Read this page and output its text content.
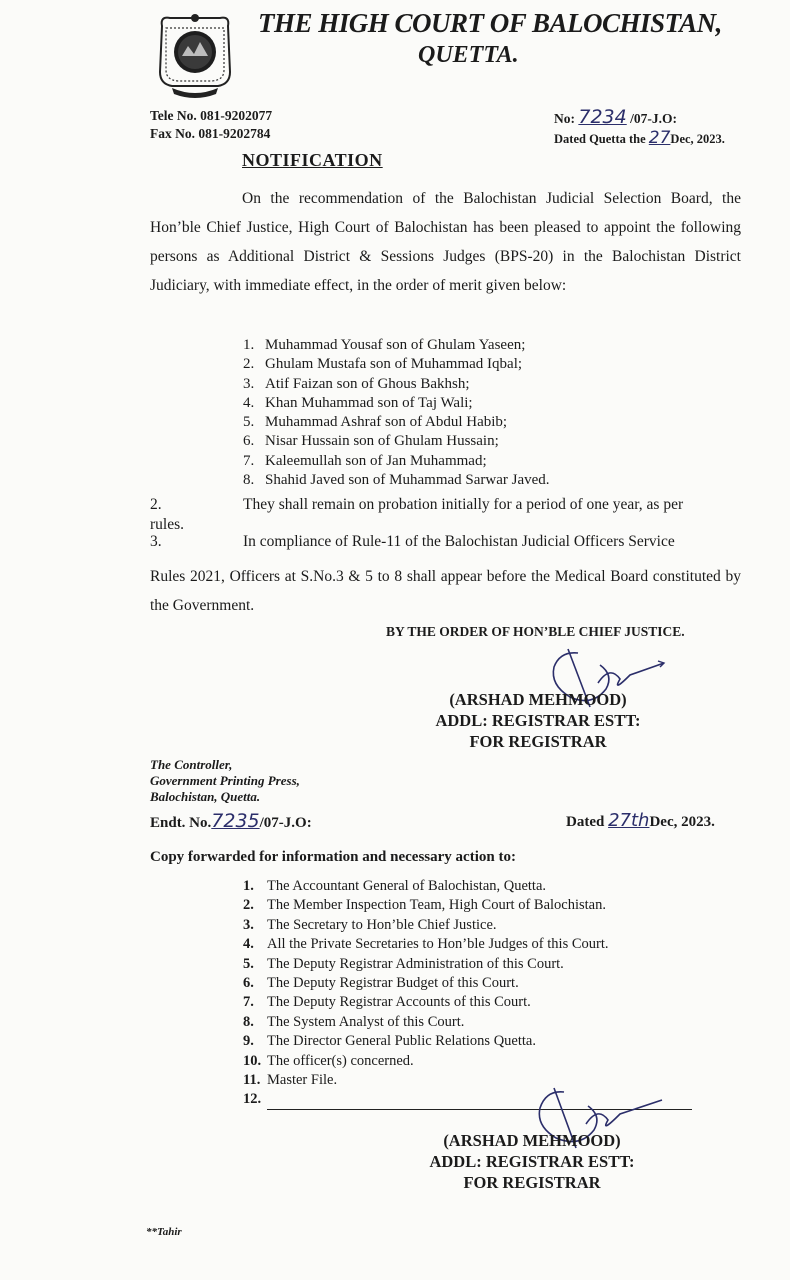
THE HIGH COURT OF BALOCHISTAN,
QUETTA.
Tele No. 081-9202077
Fax No. 081-9202784
No: 7234 /07-J.O:
Dated Quetta the 27Dec, 2023.
NOTIFICATION
On the recommendation of the Balochistan Judicial Selection Board, the Hon’ble Chief Justice, High Court of Balochistan has been pleased to appoint the following persons as Additional District & Sessions Judges (BPS-20) in the Balochistan District Judiciary, with immediate effect, in the order of merit given below:
1. Muhammad Yousaf son of Ghulam Yaseen;
2. Ghulam Mustafa son of Muhammad Iqbal;
3. Atif Faizan son of Ghous Bakhsh;
4. Khan Muhammad son of Taj Wali;
5. Muhammad Ashraf son of Abdul Habib;
6. Nisar Hussain son of Ghulam Hussain;
7. Kaleemullah son of Jan Muhammad;
8. Shahid Javed son of Muhammad Sarwar Javed.
2.	They shall remain on probation initially for a period of one year, as per
rules.
3.	In compliance of Rule-11 of the Balochistan Judicial Officers Service
Rules 2021, Officers at S.No.3 & 5 to 8 shall appear before the Medical Board constituted by the Government.
BY THE ORDER OF HON’BLE CHIEF JUSTICE.
(ARSHAD MEHMOOD)
ADDL: REGISTRAR ESTT:
FOR REGISTRAR
The Controller,
Government Printing Press,
Balochistan, Quetta.
Endt. No.7235/07-J.O:	Dated 27thDec, 2023.
Copy forwarded for information and necessary action to:
1. The Accountant General of Balochistan, Quetta.
2. The Member Inspection Team, High Court of Balochistan.
3. The Secretary to Hon’ble Chief Justice.
4. All the Private Secretaries to Hon’ble Judges of this Court.
5. The Deputy Registrar Administration of this Court.
6. The Deputy Registrar Budget of this Court.
7. The Deputy Registrar Accounts of this Court.
8. The System Analyst of this Court.
9. The Director General Public Relations Quetta.
10. The officer(s) concerned.
11. Master File.
12.
(ARSHAD MEHMOOD)
ADDL: REGISTRAR ESTT:
FOR REGISTRAR
**Tahir
